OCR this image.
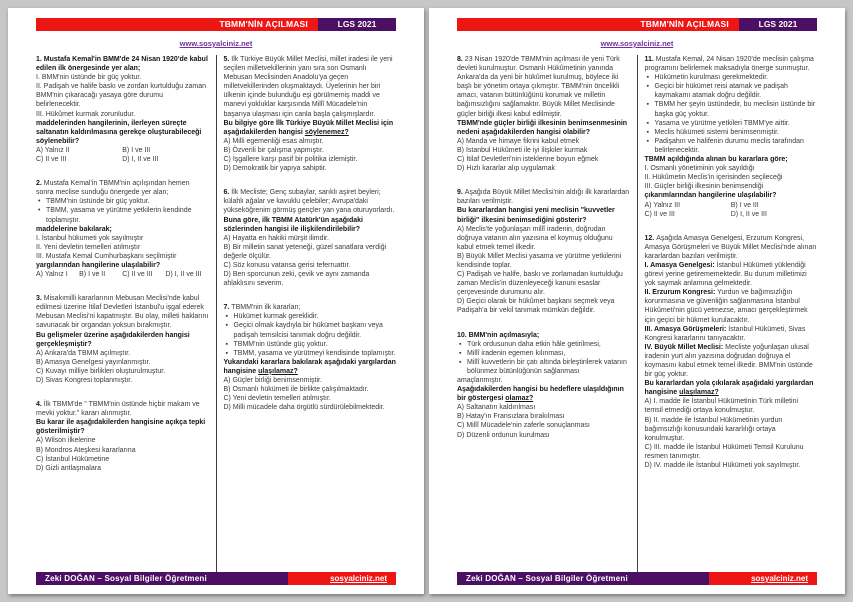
TBMM'NİN AÇILMASI	LGS 2021
www.sosyalciniz.net
1. Mustafa Kemal'in BMM'de 24 Nisan 1920'de kabul edilen ilk önergesinde yer alan;
I. BMM'nin üstünde bir güç yoktur.
II. Padişah ve halife baskı ve zordan kurtulduğu zaman BMM'nin çıkaracağı yasaya göre durumu belirlenecektir.
III. Hükûmet kurmak zorunludur.
maddelerinden hangilerinin, ilerleyen süreçte saltanatın kaldırılmasına gerekçe oluşturabileceği söylenebilir?
A) Yalnız II	B) I ve III
C) II ve III	D) I, II ve III
2. Mustafa Kemal'in TBMM'nin açılışından hemen sonra meclise sunduğu önergede yer alan;
• TBMM'nin üstünde bir güç yoktur.
• TBMM, yasama ve yürütme yetkilerin kendinde toplamıştır.
maddelerine bakılarak;
I. İstanbul hükumeti yok sayılmıştır
II. Yeni devletin temelleri atılmıştır
III. Mustafa Kemal Cumhurbaşkanı seçilmiştir
yargılarından hangilerine ulaşılabilir?
A) Yalnız I	B) I ve II	C) II ve III	D) I, II ve III
3. Misakımilli kararlarının Mebusan Meclisi'nde kabul edilmesi üzerine İtilaf Devletleri İstanbul'u işgal ederek Mebusan Meclisi'ni kapatmıştır. Bu olay, milleti haklarını savunacak bir organdan yoksun bırakmıştır.
Bu gelişmeler üzerine aşağıdakilerden hangisi gerçekleşmiştir?
A) Ankara'da TBMM açılmıştır.
B) Amasya Genelgesi yayınlanmıştır.
C) Kuvayı milliye birlikleri oluşturulmuştur.
D) Sivas Kongresi toplanmıştır.
4. İlk TBMM'de " TBMM'nin üstünde hiçbir makam ve mevki yoktur." kararı alınmıştır.
Bu karar ile aşağıdakilerden hangisine açıkça tepki gösterilmiştir?
A) Wilson ilkelerine
B) Mondros Ateşkesi kararlarına
C) İstanbul Hükümetine
D) Gizli antlaşmalara
5. İlk Türkiye Büyük Millet Meclisi, millet iradesi ile yeni seçilen milletvekillerinin yanı sıra son Osmanlı Mebusan Meclisinden Anadolu'ya geçen milletvekillerinden oluşmaktaydı. Üyelerinin her biri ülkenin içinde bulunduğu eşi görülmemiş maddi ve manevi yokluklar karşısında Millî Mücadele'nin başarıya ulaşması için canla başla çalışmışlardır.
Bu bilgiye göre İlk Türkiye Büyük Millet Meclisi için aşağıdakilerden hangisi söylenemez?
A) Milli egemenliği esas almıştır.
B) Özverili bir çalışma yapmıştır.
C) İşgallere karşı pasif bir politika izlemiştir.
D) Demokratik bir yapıya sahiptir.
6. İlk Mecliste; Genç subaylar, sarıklı aşiret beyleri; külahlı ağalar ve kavuklu çelebiler; Avrupa'daki yükseköğrenim görmüş gençler yan yana oturuyorlardı.
Buna göre, ilk TBMM Atatürk'ün aşağıdaki sözlerinden hangisi ile ilişkilendirilebilir?
A) Hayatta en hakiki mürşit ilimdir.
B) Bir milletin sanat yeteneği, güzel sanatlara verdiği değerle ölçülür.
C) Söz konusu vatansa gerisi teferruattır.
D) Ben sporcunun zeki, çevik ve aynı zamanda ahlaklısını severim.
7. TBMM'nin ilk kararları;
▪ Hükümet kurmak gereklidir.
▪ Geçici olmak kaydıyla bir hükümet başkanı veya padişah temsilcisi tanımak doğru değildir.
▪ TBMM'nin üstünde güç yoktur.
▪ TBMM, yasama ve yürütmeyi kendisinde toplamıştır.
Yukarıdaki kararlara bakılarak aşağıdaki yargılardan hangisine ulaşılamaz?
A) Güçler birliği benimsenmiştir.
B) Osmanlı hükümeti ile birlikte çalışılmaktadır.
C) Yeni devletin temelleri atılmıştır.
D) Milli mücadele daha örgütlü sürdürülebilmektedir.
Zeki DOĞAN – Sosyal Bilgiler Öğretmeni	sosyalciniz.net
TBMM'NİN AÇILMASI	LGS 2021
www.sosyalciniz.net
8. 23 Nisan 1920'de TBMM'nin açılması ile yeni Türk devleti kurulmuştur. Osmanlı Hükûmetinin yanında Ankara'da da yeni bir hükûmet kurulmuş, böylece iki başlı bir yönetim ortaya çıkmıştır. TBMM'nin öncelikli amacı, vatanın bütünlüğünü korumak ve milletin bağımsızlığını sağlamaktır. Büyük Millet Meclisinde güçler birliği ilkesi kabul edilmiştir.
TBMM'nde güçler birliği ilkesinin benimsenmesinin nedeni aşağıdakilerden hangisi olabilir?
A) Manda ve himaye fikrini kabul etmek
B) İstanbul Hükûmeti ile iyi ilişkiler kurmak
C) İtilaf Devletleri'nin isteklerine boyun eğmek
D) Hızlı kararlar alıp uygulamak
9. Aşağıda Büyük Millet Meclisi'nin aldığı ilk kararlardan bazıları verilmiştir.
Bu kararlardan hangisi yeni meclisin "kuvvetler birliği" ilkesini benimsediğini gösterir?
A) Meclis'te yoğunlaşan millî iradenin, doğrudan doğruya vatanın alın yazısına el koymuş olduğunu kabul etmek temel ilkedir.
B) Büyük Millet Meclisi yasama ve yürütme yetkilerini kendisinde toplar.
C) Padişah ve halife, baskı ve zorlamadan kurtulduğu zaman Meclis'in düzenleyeceği kanuni esaslar çerçevesinde durumunu alır.
D) Geçici olarak bir hükûmet başkanı seçmek veya Padişah'a bir vekil tanımak mümkün değildir.
10. BMM'nin açılmasıyla;
▪ Türk ordusunun daha etkin hâle getirilmesi,
▪ Millî iradenin egemen kılınması,
▪ Millî kuvvetlerin bir çatı altında birleştirilerek vatanın bölünmez bütünlüğünün sağlanması
amaçlanmıştır.
Aşağıdakilerden hangisi bu hedeflere ulaşıldığının bir göstergesi olamaz?
A) Saltanatın kaldırılması
B) Hatay'ın Fransızlara bırakılması
C) Millî Mücadele'nin zaferle sonuçlanması
D) Düzenli ordunun kurulması
11. Mustafa Kemal, 24 Nisan 1920'de meclisin çalışma programını belirlemek maksadıyla önerge sunmuştur.
▪ Hükümetin kurulması gerekmektedir.
▪ Geçici bir hükümet reisi atamak ve padişah kaymakamı atamak doğru değildir.
▪ TBMM her şeyin üstündedir, bu meclisin üstünde bir başka güç yoktur.
▪ Yasama ve yürütme yetkileri TBMM'ye aittir.
▪ Meclis hükümeti sistemi benimsenmiştir.
▪ Padişahın ve halifenin durumu meclis tarafından belirlenecektir.
TBMM açıldığında alınan bu kararlara göre;
I. Osmanlı yönetiminin yok sayıldığı
II. Hükûmetin Meclis'in içerisinden seçileceği
III. Güçler birliği ilkesinin benimsendiği
çıkarımlarından hangilerine ulaşılabilir?
A) Yalnız III	B) I ve III
C) II ve III	D) I, II ve III
12. Aşağıda Amasya Genelgesi, Erzurum Kongresi, Amasya Görüşmeleri ve Büyük Millet Meclisi'nde alınan kararlardan bazıları verilmiştir.
I. Amasya Genelgesi: İstanbul Hükümeti yüklendiği görevi yerine getirememektedir. Bu durum milletimizi yok saymak anlamına gelmektedir.
II. Erzurum Kongresi: Yurdun ve bağımsızlığın korunmasına ve güvenliğin sağlanmasına İstanbul Hükûmeti'nin gücü yetmezse, amacı gerçekleştirmek için geçici bir hükmet kurulacaktır.
III. Amasya Görüşmeleri: İstanbul Hükümeti, Sivas Kongresi kararlarını tanıyacaktır.
IV. Büyük Millet Meclisi: Mecliste yoğunlaşan ulusal iradenin yurt alın yazısına doğrudan doğruya el koymasını kabul etmek temel ilkedir. BMM'nin üstünde bir güç yoktur.
Bu kararlardan yola çıkılarak aşağıdaki yargılardan hangisine ulaşılamaz?
A) I. madde ile İstanbul Hükümetinin Türk milletini temsil etmediği ortaya konulmuştur.
B) II. madde ile İstanbul Hükümetinin yurdun bağımsızlığı konusundaki kararlılığı ortaya konulmuştur.
C) III. madde ile İstanbul Hükümeti Temsil Kurulunu resmen tanımıştır.
D) IV. madde ile İstanbul Hükümeti yok sayılmıştır.
Zeki DOĞAN – Sosyal Bilgiler Öğretmeni	sosyalciniz.net
